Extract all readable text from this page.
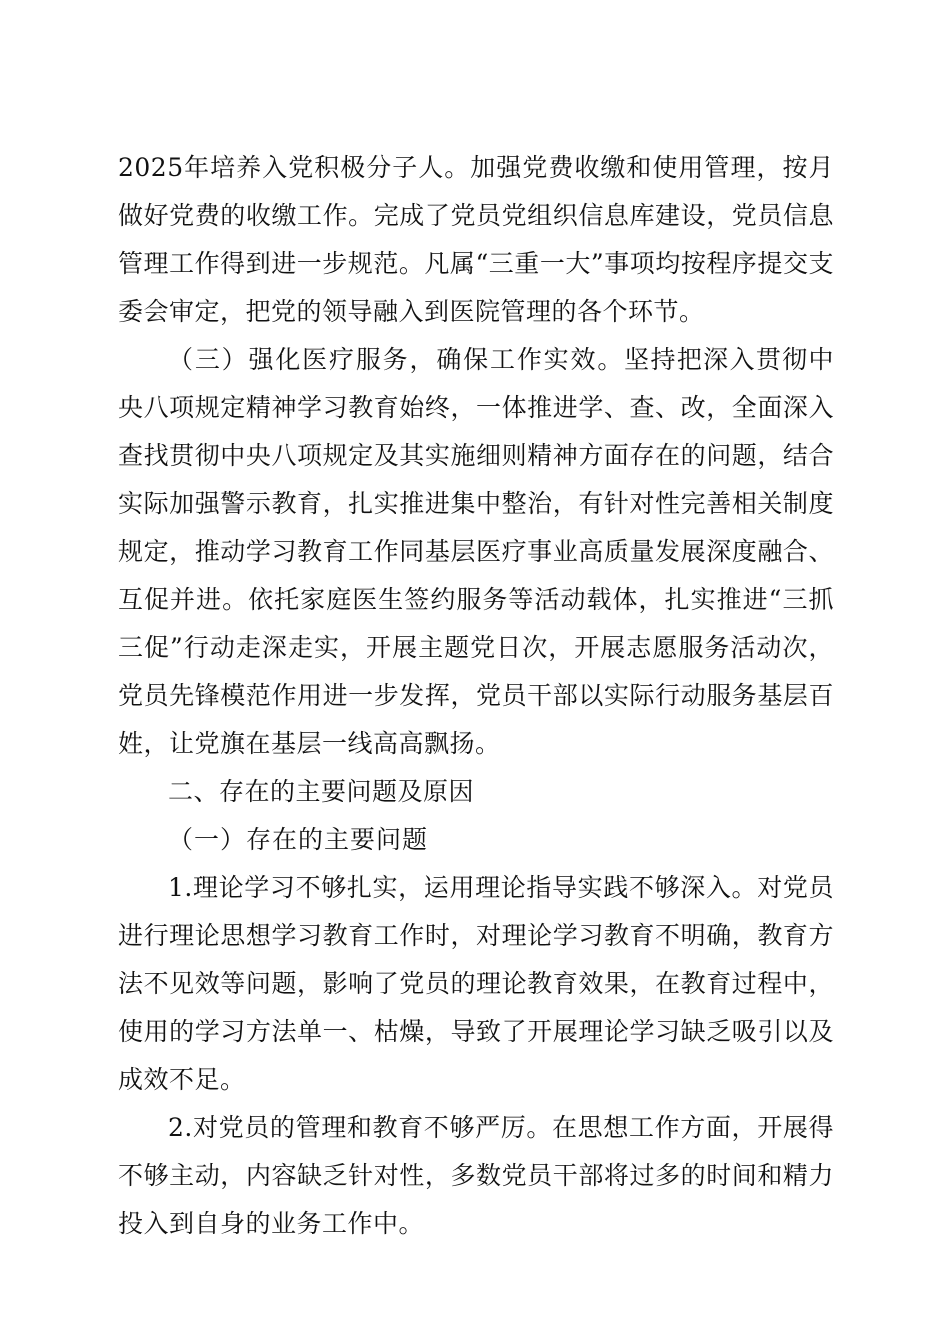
2025年培养入党积极分子人。加强党费收缴和使用管理，按月做好党费的收缴工作。完成了党员党组织信息库建设，党员信息管理工作得到进一步规范。凡属“三重一大”事项均按程序提交支委会审定，把党的领导融入到医院管理的各个环节。

（三）强化医疗服务，确保工作实效。坚持把深入贯彻中央八项规定精神学习教育始终，一体推进学、查、改，全面深入查找贯彻中央八项规定及其实施细则精神方面存在的问题，结合实际加强警示教育，扎实推进集中整治，有针对性完善相关制度规定，推动学习教育工作同基层医疗事业高质量发展深度融合、互促并进。依托家庭医生签约服务等活动载体，扎实推进“三抓三促”行动走深走实，开展主题党日次，开展志愿服务活动次，党员先锋模范作用进一步发挥，党员干部以实际行动服务基层百姓，让党旗在基层一线高高飘扬。

二、存在的主要问题及原因

（一）存在的主要问题

1.理论学习不够扎实，运用理论指导实践不够深入。对党员进行理论思想学习教育工作时，对理论学习教育不明确，教育方法不见效等问题，影响了党员的理论教育效果，在教育过程中，使用的学习方法单一、枯燥，导致了开展理论学习缺乏吸引以及成效不足。

2.对党员的管理和教育不够严厉。在思想工作方面，开展得不够主动，内容缺乏针对性，多数党员干部将过多的时间和精力投入到自身的业务工作中。
